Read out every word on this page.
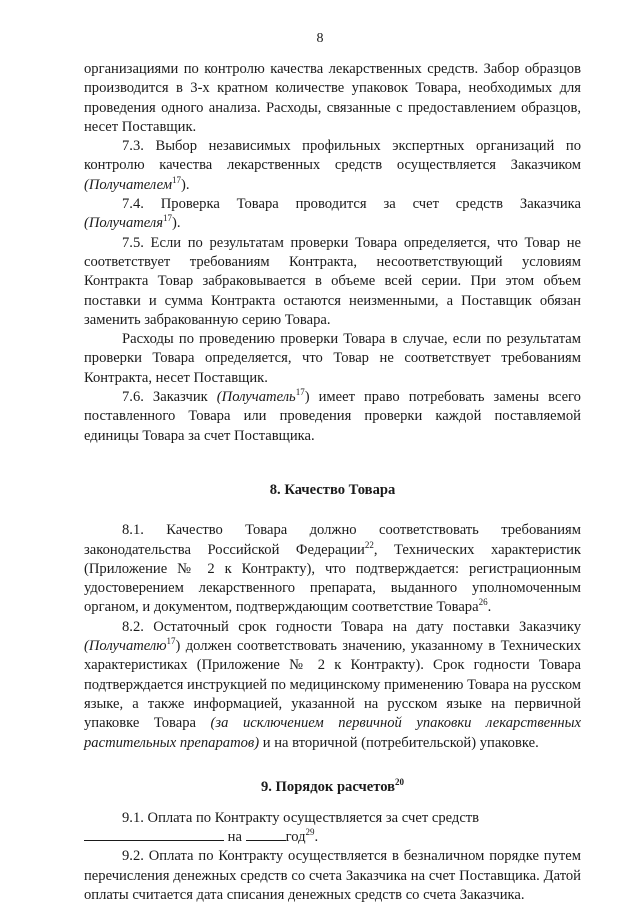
8

организациями по контролю качества лекарственных средств. Забор образцов производится в 3-х кратном количестве упаковок Товара, необходимых для проведения одного анализа. Расходы, связанные с предоставлением образцов, несет Поставщик.

7.3. Выбор независимых профильных экспертных организаций по контролю качества лекарственных средств осуществляется Заказчиком (Получателем$^{17}$).

7.4. Проверка Товара проводится за счет средств Заказчика (Получателя$^{17}$).

7.5. Если по результатам проверки Товара определяется, что Товар не соответствует требованиям Контракта, несоответствующий условиям Контракта Товар забраковывается в объеме всей серии. При этом объем поставки и сумма Контракта остаются неизменными, а Поставщик обязан заменить забракованную серию Товара.

Расходы по проведению проверки Товара в случае, если по результатам проверки Товара определяется, что Товар не соответствует требованиям Контракта, несет Поставщик.

7.6. Заказчик (Получатель$^{17}$) имеет право потребовать замены всего поставленного Товара или проведения проверки каждой поставляемой единицы Товара за счет Поставщика.

8. Качество Товара

8.1. Качество Товара должно соответствовать требованиям законодательства Российской Федерации$^{22}$, Технических характеристик (Приложение № 2 к Контракту), что подтверждается: регистрационным удостоверением лекарственного препарата, выданного уполномоченным органом, и документом, подтверждающим соответствие Товара$^{26}$.

8.2. Остаточный срок годности Товара на дату поставки Заказчику (Получателю$^{17}$) должен соответствовать значению, указанному в Технических характеристиках (Приложение № 2 к Контракту). Срок годности Товара подтверждается инструкцией по медицинскому применению Товара на русском языке, а также информацией, указанной на русском языке на первичной упаковке Товара (за исключением первичной упаковки лекарственных растительных препаратов) и на вторичной (потребительской) упаковке.

9. Порядок расчетов$^{20}$

9.1. Оплата по Контракту осуществляется за счет средств

на	год$^{29}$.

9.2. Оплата по Контракту осуществляется в безналичном порядке путем перечисления денежных средств со счета Заказчика на счет Поставщика. Датой оплаты считается дата списания денежных средств со счета Заказчика.
